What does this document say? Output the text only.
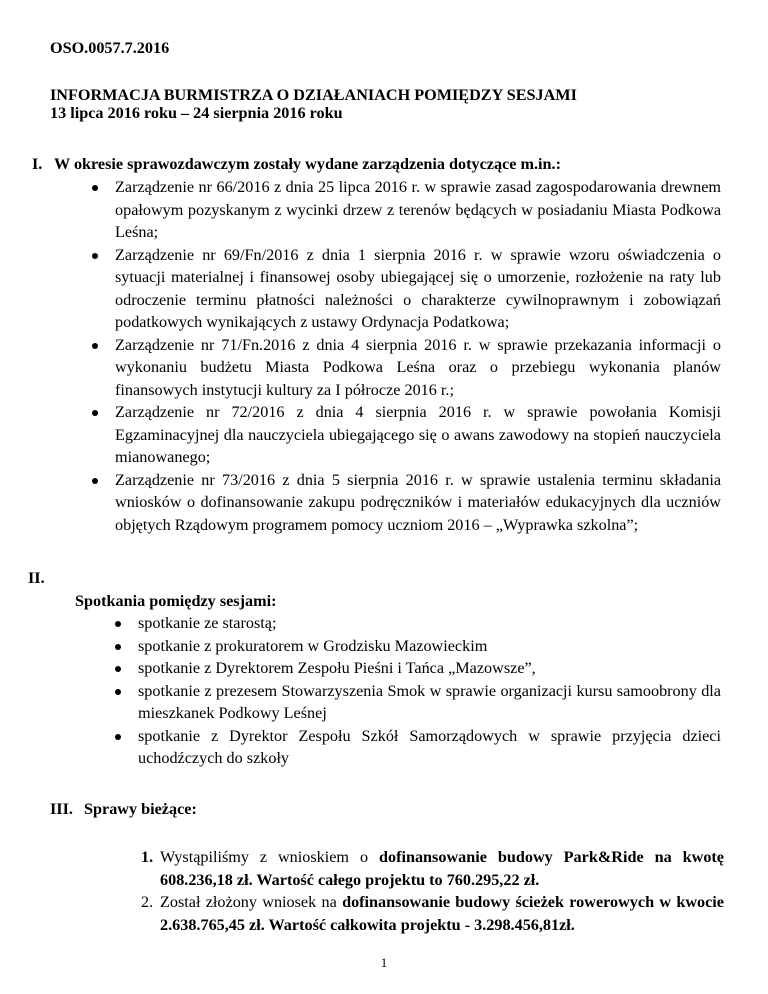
OSO.0057.7.2016

INFORMACJA BURMISTRZA O DZIAŁANIACH POMIĘDZY SESJAMI

13 lipca 2016 roku – 24 sierpnia 2016 roku

I. W okresie sprawozdawczym zostały wydane zarządzenia dotyczące m.in.:

Zarządzenie nr 66/2016 z dnia 25 lipca 2016 r. w sprawie zasad zagospodarowania drewnem opałowym pozyskanym z wycinki drzew z terenów będących w posiadaniu Miasta Podkowa Leśna;
Zarządzenie nr 69/Fn/2016 z dnia 1 sierpnia 2016 r. w sprawie wzoru oświadczenia o sytuacji materialnej i finansowej osoby ubiegającej się o umorzenie, rozłożenie na raty lub odroczenie terminu płatności należności o charakterze cywilnoprawnym i zobowiązań podatkowych wynikających z ustawy Ordynacja Podatkowa;
Zarządzenie nr 71/Fn.2016 z dnia 4 sierpnia 2016 r. w sprawie przekazania informacji o wykonaniu budżetu Miasta Podkowa Leśna oraz o przebiegu wykonania planów finansowych instytucji kultury za I półrocze 2016 r.;
Zarządzenie nr 72/2016 z dnia 4 sierpnia 2016 r. w sprawie powołania Komisji Egzaminacyjnej dla nauczyciela ubiegającego się o awans zawodowy na stopień nauczyciela mianowanego;
Zarządzenie nr 73/2016 z dnia 5 sierpnia 2016 r. w sprawie ustalenia terminu składania wniosków o dofinansowanie zakupu podręczników i materiałów edukacyjnych dla uczniów objętych Rządowym programem pomocy uczniom 2016 – „Wyprawka szkolna”;

II.

Spotkania pomiędzy sesjami:

spotkanie ze starostą;
spotkanie z prokuratorem w Grodzisku Mazowieckim
spotkanie z Dyrektorem Zespołu Pieśni i Tańca „Mazowsze”,
spotkanie z prezesem Stowarzyszenia Smok w sprawie organizacji kursu samoobrony dla mieszkanek Podkowy Leśnej
spotkanie z Dyrektor Zespołu Szkół Samorządowych w sprawie przyjęcia dzieci uchodźczych do szkoły

III. Sprawy bieżące:

1. Wystąpiliśmy z wnioskiem o dofinansowanie budowy Park&Ride na kwotę 608.236,18 zł. Wartość całego projektu to 760.295,22 zł.
2. Został złożony wniosek na dofinansowanie budowy ścieżek rowerowych w kwocie 2.638.765,45 zł. Wartość całkowita projektu - 3.298.456,81zł.

1
